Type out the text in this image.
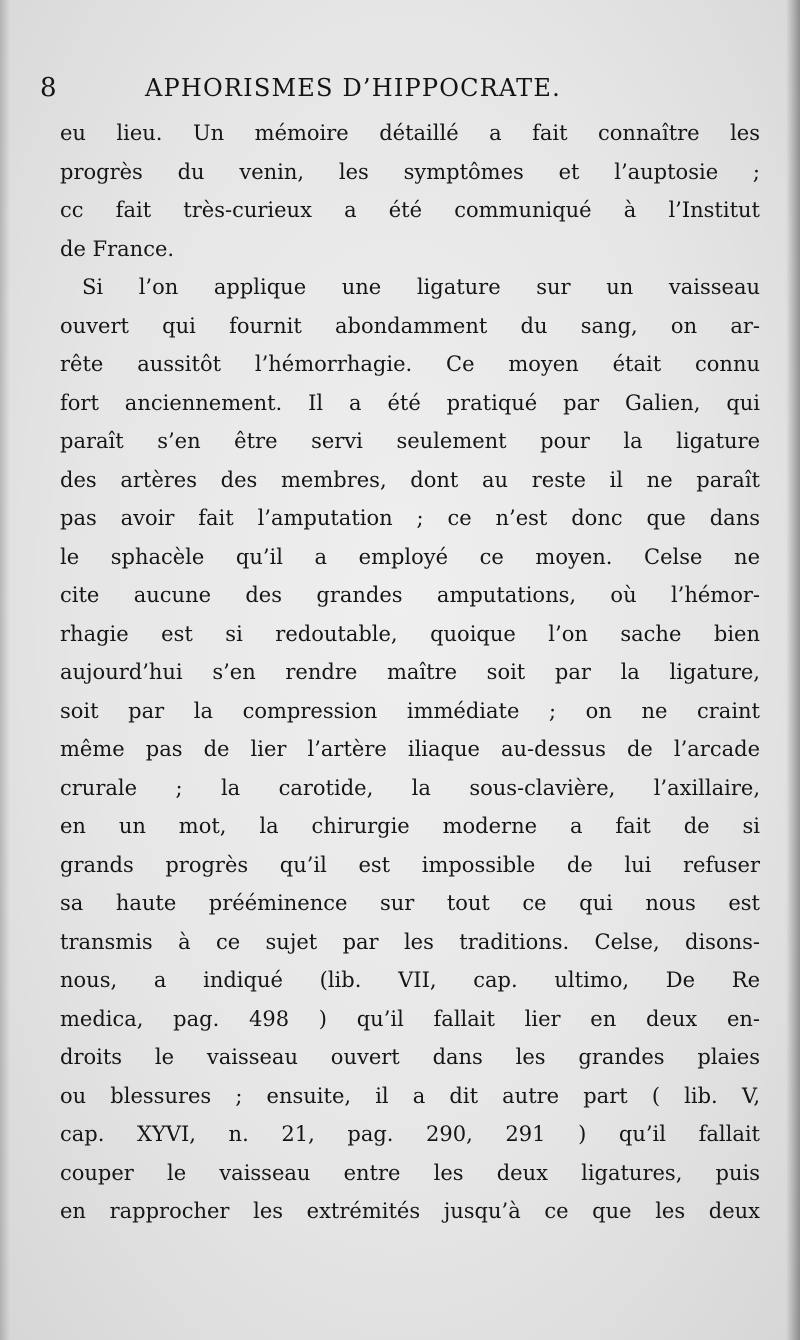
8	APHORISMES D’HIPPOCRATE.
eu lieu. Un mémoire détaillé a fait connaître les
progrès du venin, les symptômes et l’auptosie ;
cc fait très-curieux a été communiqué à l’Institut
de France.
Si l’on applique une ligature sur un vaisseau
ouvert qui fournit abondamment du sang, on ar-
rête aussitôt l’hémorrhagie. Ce moyen était connu
fort anciennement. Il a été pratiqué par Galien, qui
paraît s’en être servi seulement pour la ligature
des artères des membres, dont au reste il ne paraît
pas avoir fait l’amputation ; ce n’est donc que dans
le sphacèle qu’il a employé ce moyen. Celse ne
cite aucune des grandes amputations, où l’hémor-
rhagie est si redoutable, quoique l’on sache bien
aujourd’hui s’en rendre maître soit par la ligature,
soit par la compression immédiate ; on ne craint
même pas de lier l’artère iliaque au-dessus de l’arcade
crurale ; la carotide, la sous-clavière, l’axillaire,
en un mot, la chirurgie moderne a fait de si
grands progrès qu’il est impossible de lui refuser
sa haute prééminence sur tout ce qui nous est
transmis à ce sujet par les traditions. Celse, disons-
nous, a indiqué (lib. VII, cap. ultimo, De Re
medica, pag. 498 ) qu’il fallait lier en deux en-
droits le vaisseau ouvert dans les grandes plaies
ou blessures ; ensuite, il a dit autre part ( lib. V,
cap. XYVI, n. 21, pag. 290, 291 ) qu’il fallait
couper le vaisseau entre les deux ligatures, puis
en rapprocher les extrémités jusqu’à ce que les deux
